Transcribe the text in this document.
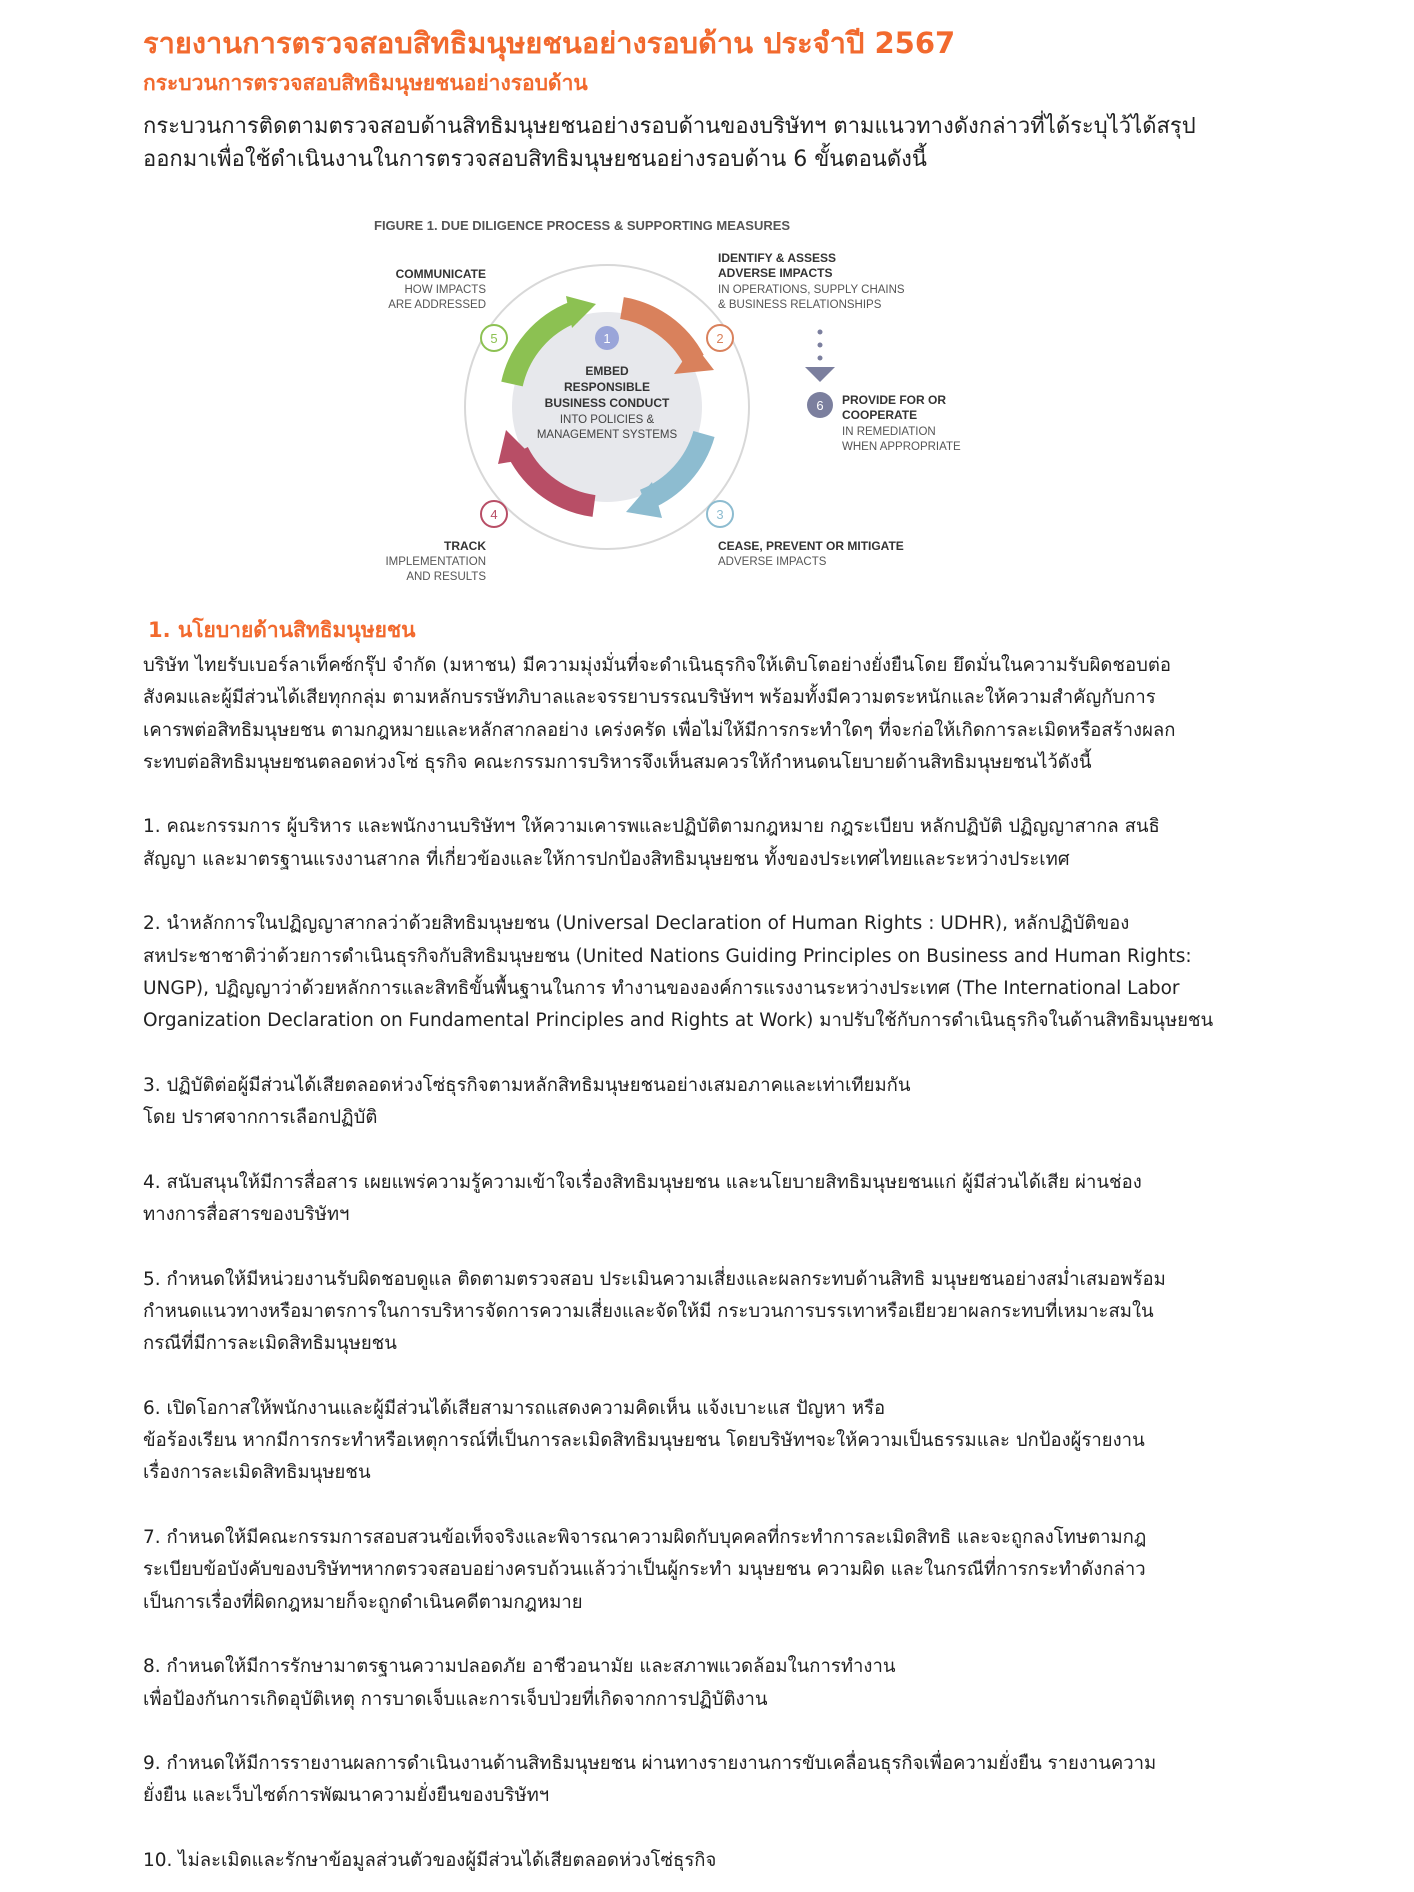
รายงานการตรวจสอบสิทธิมนุษยชนอย่างรอบด้าน ประจำปี 2567
กระบวนการตรวจสอบสิทธิมนุษยชนอย่างรอบด้าน
กระบวนการติดตามตรวจสอบด้านสิทธิมนุษยชนอย่างรอบด้านของบริษัทฯ ตามแนวทางดังกล่าวที่ได้ระบุไว้ได้สรุป
ออกมาเพื่อใช้ดำเนินงานในการตรวจสอบสิทธิมนุษยชนอย่างรอบด้าน 6 ขั้นตอนดังนี้
FIGURE 1. DUE DILIGENCE PROCESS & SUPPORTING MEASURES
1
EMBED
RESPONSIBLE
BUSINESS CONDUCT
INTO POLICIES &
MANAGEMENT SYSTEMS
2
3
4
5
IDENTIFY & ASSESS
ADVERSE IMPACTS
IN OPERATIONS, SUPPLY CHAINS
& BUSINESS RELATIONSHIPS
6 PROVIDE FOR OR
COOPERATE
IN REMEDIATION
WHEN APPROPRIATE
CEASE, PREVENT OR MITIGATE
ADVERSE IMPACTS
TRACK
IMPLEMENTATION
AND RESULTS
COMMUNICATE
HOW IMPACTS
ARE ADDRESSED
1. นโยบายด้านสิทธิมนุษยชน
บริษัท ไทยรับเบอร์ลาเท็คซ์กรุ๊ป จำกัด (มหาชน) มีความมุ่งมั่นที่จะดำเนินธุรกิจให้เติบโตอย่างยั่งยืนโดย ยึดมั่นในความรับผิดชอบต่อ
สังคมและผู้มีส่วนได้เสียทุกกลุ่ม ตามหลักบรรษัทภิบาลและจรรยาบรรณบริษัทฯ พร้อมทั้งมีความตระหนักและให้ความสำคัญกับการ
เคารพต่อสิทธิมนุษยชน ตามกฎหมายและหลักสากลอย่าง เคร่งครัด เพื่อไม่ให้มีการกระทำใดๆ ที่จะก่อให้เกิดการละเมิดหรือสร้างผลก
ระทบต่อสิทธิมนุษยชนตลอดห่วงโซ่ ธุรกิจ คณะกรรมการบริหารจึงเห็นสมควรให้กำหนดนโยบายด้านสิทธิมนุษยชนไว้ดังนี้
1. คณะกรรมการ ผู้บริหาร และพนักงานบริษัทฯ ให้ความเคารพและปฏิบัติตามกฎหมาย กฎระเบียบ หลักปฏิบัติ ปฏิญญาสากล สนธิ
สัญญา และมาตรฐานแรงงานสากล ที่เกี่ยวข้องและให้การปกป้องสิทธิมนุษยชน ทั้งของประเทศไทยและระหว่างประเทศ
2. นำหลักการในปฏิญญาสากลว่าด้วยสิทธิมนุษยชน (Universal Declaration of Human Rights : UDHR), หลักปฏิบัติของ
สหประชาชาติว่าด้วยการดำเนินธุรกิจกับสิทธิมนุษยชน (United Nations Guiding Principles on Business and Human Rights:
UNGP), ปฏิญญาว่าด้วยหลักการและสิทธิขั้นพื้นฐานในการ ทำงานขององค์การแรงงานระหว่างประเทศ (The International Labor
Organization Declaration on Fundamental Principles and Rights at Work) มาปรับใช้กับการดำเนินธุรกิจในด้านสิทธิมนุษยชน
3. ปฏิบัติต่อผู้มีส่วนได้เสียตลอดห่วงโซ่ธุรกิจตามหลักสิทธิมนุษยชนอย่างเสมอภาคและเท่าเทียมกัน
โดย ปราศจากการเลือกปฏิบัติ
4. สนับสนุนให้มีการสื่อสาร เผยแพร่ความรู้ความเข้าใจเรื่องสิทธิมนุษยชน และนโยบายสิทธิมนุษยชนแก่ ผู้มีส่วนได้เสีย ผ่านช่อง
ทางการสื่อสารของบริษัทฯ
5. กำหนดให้มีหน่วยงานรับผิดชอบดูแล ติดตามตรวจสอบ ประเมินความเสี่ยงและผลกระทบด้านสิทธิ มนุษยชนอย่างสม่ำเสมอพร้อม
กำหนดแนวทางหรือมาตรการในการบริหารจัดการความเสี่ยงและจัดให้มี กระบวนการบรรเทาหรือเยียวยาผลกระทบที่เหมาะสมใน
กรณีที่มีการละเมิดสิทธิมนุษยชน
6. เปิดโอกาสให้พนักงานและผู้มีส่วนได้เสียสามารถแสดงความคิดเห็น แจ้งเบาะแส ปัญหา หรือ
ข้อร้องเรียน หากมีการกระทำหรือเหตุการณ์ที่เป็นการละเมิดสิทธิมนุษยชน โดยบริษัทฯจะให้ความเป็นธรรมและ ปกป้องผู้รายงาน
เรื่องการละเมิดสิทธิมนุษยชน
7. กำหนดให้มีคณะกรรมการสอบสวนข้อเท็จจริงและพิจารณาความผิดกับบุคคลที่กระทำการละเมิดสิทธิ และจะถูกลงโทษตามกฎ
ระเบียบข้อบังคับของบริษัทฯหากตรวจสอบอย่างครบถ้วนแล้วว่าเป็นผู้กระทำ มนุษยชน ความผิด และในกรณีที่การกระทำดังกล่าว
เป็นการเรื่องที่ผิดกฎหมายก็จะถูกดำเนินคดีตามกฎหมาย
8. กำหนดให้มีการรักษามาตรฐานความปลอดภัย อาชีวอนามัย และสภาพแวดล้อมในการทำงาน
เพื่อป้องกันการเกิดอุบัติเหตุ การบาดเจ็บและการเจ็บป่วยที่เกิดจากการปฏิบัติงาน
9. กำหนดให้มีการรายงานผลการดำเนินงานด้านสิทธิมนุษยชน ผ่านทางรายงานการขับเคลื่อนธุรกิจเพื่อความยั่งยืน รายงานความ
ยั่งยืน และเว็บไซต์การพัฒนาความยั่งยืนของบริษัทฯ
10. ไม่ละเมิดและรักษาข้อมูลส่วนตัวของผู้มีส่วนได้เสียตลอดห่วงโซ่ธุรกิจ
